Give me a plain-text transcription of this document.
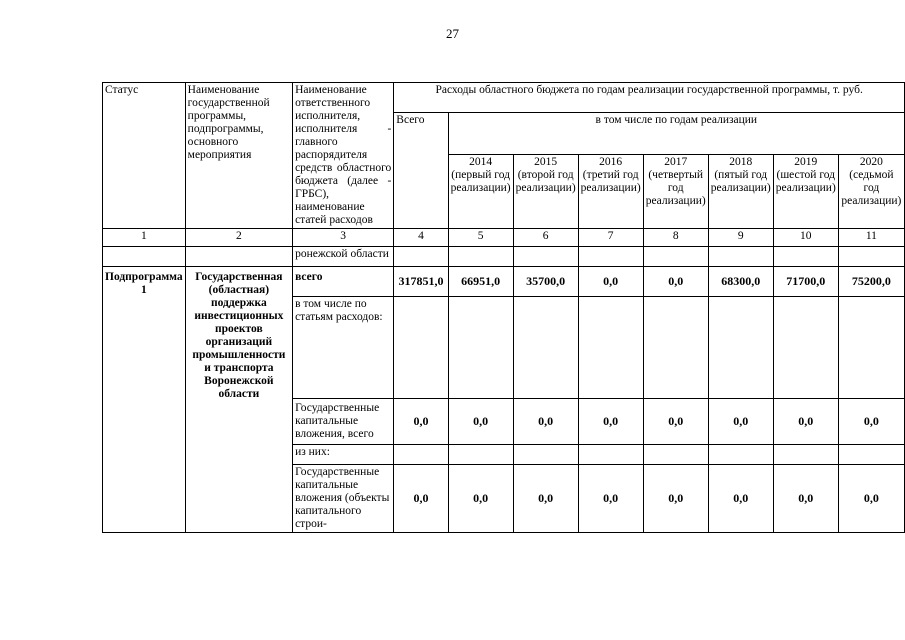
27
Статус	Наименование государственной программы, подпрограммы, основного мероприятия	Наименование ответственного исполнителя, исполнителя - главного распорядителя средств областного бюджета (далее - ГРБС), наименование статей расходов	Расходы областного бюджета по годам реализации государственной программы, т. руб.							
			Всего	в том числе по годам реализации						
				2014 (первый год реализации)	2015 (второй год реализации)	2016 (третий год реализации)	2017 (четвертый год реализации)	2018 (пятый год реализации)	2019 (шестой год реализации)	2020 (седьмой год реализации)
1	2	3	4	5	6	7	8	9	10	11
		ронежской области								
Подпрограмма 1	Государственная (областная) поддержка инвестиционных проектов организаций промышленности и транспорта Воронежской области	всего	317851,0	66951,0	35700,0	0,0	0,0	68300,0	71700,0	75200,0
		в том числе по статьям расходов:								
		Государственные капитальные вложения, всего	0,0	0,0	0,0	0,0	0,0	0,0	0,0	0,0
		из них:								
		Государственные капитальные вложения (объекты капитального строи-	0,0	0,0	0,0	0,0	0,0	0,0	0,0	0,0
